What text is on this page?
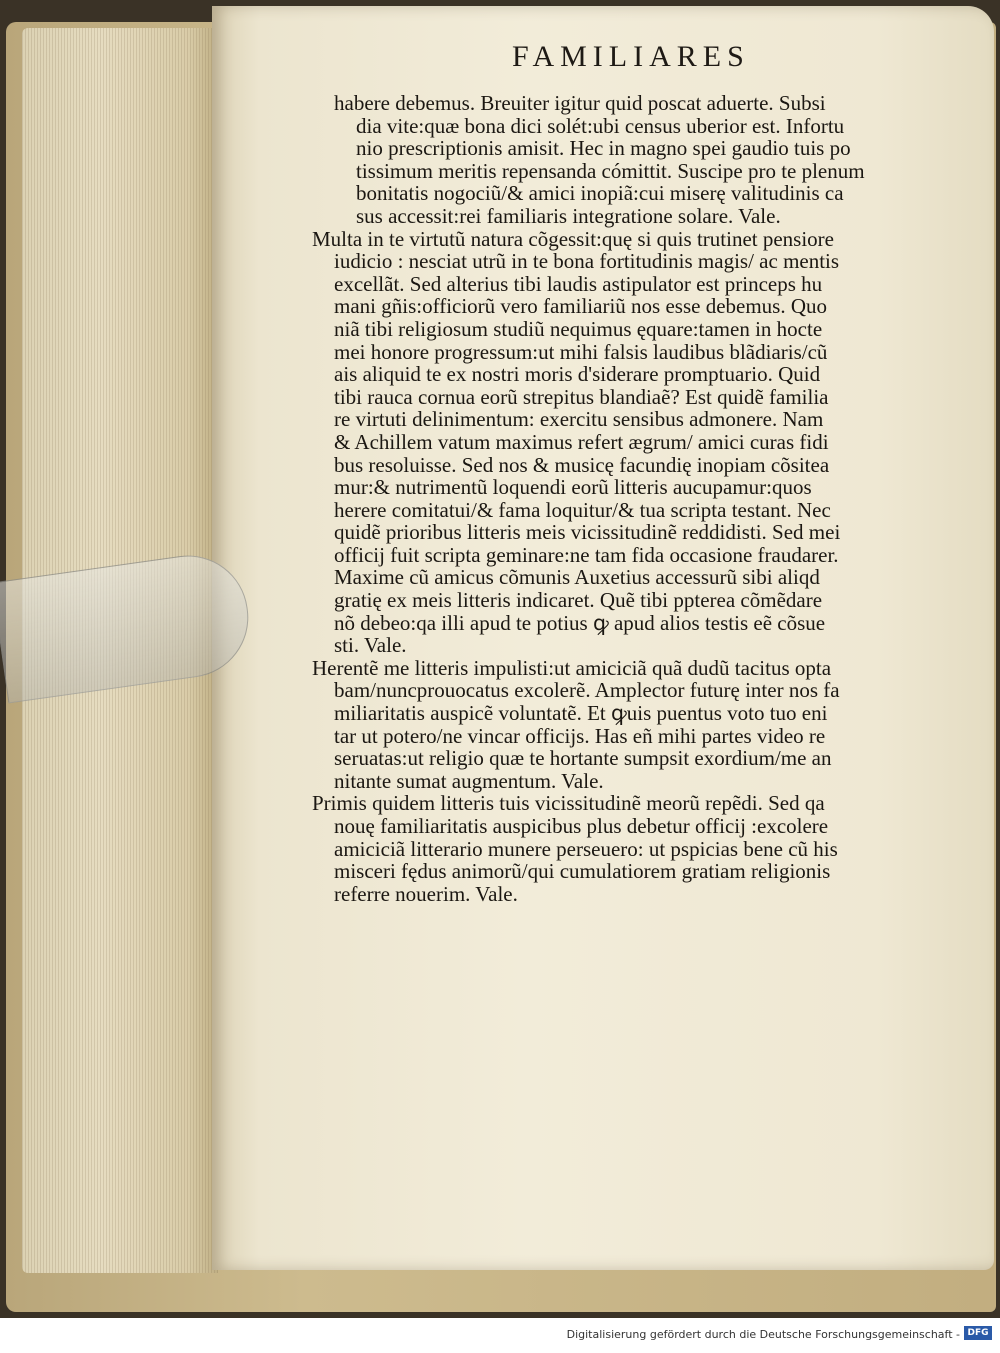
FAMILIARES
habere debemus. Breuiter igitur quid poscat aduerte. Subsi
dia vite:quæ bona dici solét:ubi census uberior est. Infortu
nio prescriptionis amisit. Hec in magno spei gaudio tuis po
tissimum meritis repensanda cómittit. Suscipe pro te plenum
bonitatis nogociũ/& amici inopiã:cui miserę valitudinis ca
sus accessit:rei familiaris integratione solare. Vale.
Multa in te virtutũ natura cõgessit:quę si quis trutinet pensiore
iudicio : nesciat utrũ in te bona fortitudinis magis/ ac mentis
excellãt. Sed alterius tibi laudis astipulator est princeps hu
mani gñis:officiorũ vero familiariũ nos esse debemus. Quo
niã tibi religiosum studiũ nequimus ęquare:tamen in hocte
mei honore progressum:ut mihi falsis laudibus blãdiaris/cũ
ais aliquid te ex nostri moris d'siderare promptuario. Quid
tibi rauca cornua eorũ strepitus blandiaẽ? Est quidẽ familia
re virtuti delinimentum: exercitu sensibus admonere. Nam
& Achillem vatum maximus refert ægrum/ amici curas fidi
bus resoluisse. Sed nos & musicę facundię inopiam cõsitea
mur:& nutrimentũ loquendi eorũ litteris aucupamur:quos
herere comitatui/& fama loquitur/& tua scripta testant. Nec
quidẽ prioribus litteris meis vicissitudinẽ reddidisti. Sed mei
officij fuit scripta geminare:ne tam fida occasione fraudarer.
Maxime cũ amicus cõmunis Auxetius accessurũ sibi aliqd
gratię ex meis litteris indicaret. Quẽ tibi ppterea cõmẽdare
nõ debeo:qa illi apud te potius ꝙ apud alios testis eẽ cõsue
sti. Vale.
Herentẽ me litteris impulisti:ut amiciciã quã dudũ tacitus opta
bam/nuncprouocatus excolerẽ. Amplector futurę inter nos fa
miliaritatis auspicẽ voluntatẽ. Et ꝙuis puentus voto tuo eni
tar ut potero/ne vincar officijs. Has eñ mihi partes video re
seruatas:ut religio quæ te hortante sumpsit exordium/me an
nitante sumat augmentum. Vale.
Primis quidem litteris tuis vicissitudinẽ meorũ repẽdi. Sed qa
nouę familiaritatis auspicibus plus debetur officij :excolere
amiciciã litterario munere perseuero: ut pspicias bene cũ his
misceri fędus animorũ/qui cumulatiorem gratiam religionis
referre nouerim. Vale.
Digitalisierung gefördert durch die Deutsche Forschungsgemeinschaft - DFG
